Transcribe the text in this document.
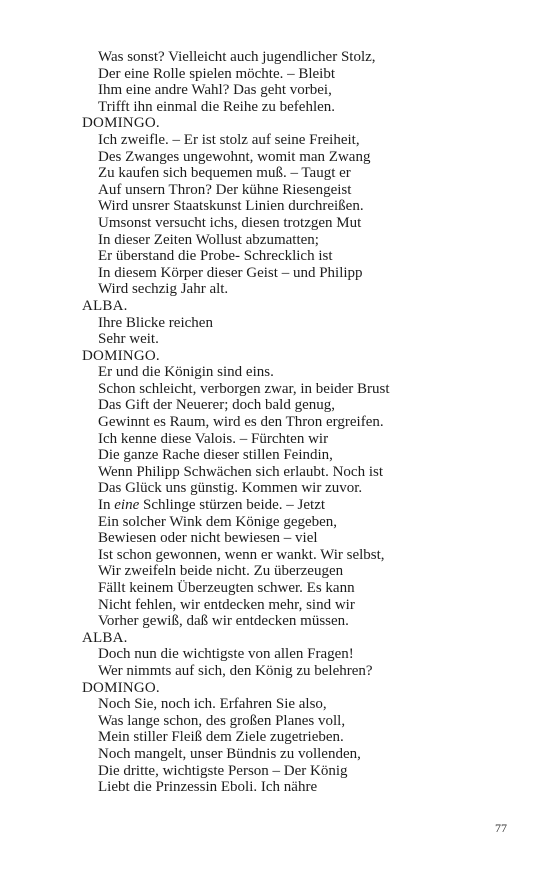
Was sonst? Vielleicht auch jugendlicher Stolz,
Der eine Rolle spielen möchte. – Bleibt
Ihm eine andre Wahl? Das geht vorbei,
Trifft ihn einmal die Reihe zu befehlen.
DOMINGO.
Ich zweifle. – Er ist stolz auf seine Freiheit,
Des Zwanges ungewohnt, womit man Zwang
Zu kaufen sich bequemen muß. – Taugt er
Auf unsern Thron? Der kühne Riesengeist
Wird unsrer Staatskunst Linien durchreißen.
Umsonst versucht ichs, diesen trotzgen Mut
In dieser Zeiten Wollust abzumatten;
Er überstand die Probe- Schrecklich ist
In diesem Körper dieser Geist – und Philipp
Wird sechzig Jahr alt.
ALBA.
Ihre Blicke reichen
Sehr weit.
DOMINGO.
Er und die Königin sind eins.
Schon schleicht, verborgen zwar, in beider Brust
Das Gift der Neuerer; doch bald genug,
Gewinnt es Raum, wird es den Thron ergreifen.
Ich kenne diese Valois. – Fürchten wir
Die ganze Rache dieser stillen Feindin,
Wenn Philipp Schwächen sich erlaubt. Noch ist
Das Glück uns günstig. Kommen wir zuvor.
In eine Schlinge stürzen beide. – Jetzt
Ein solcher Wink dem Könige gegeben,
Bewiesen oder nicht bewiesen – viel
Ist schon gewonnen, wenn er wankt. Wir selbst,
Wir zweifeln beide nicht. Zu überzeugen
Fällt keinem Überzeugten schwer. Es kann
Nicht fehlen, wir entdecken mehr, sind wir
Vorher gewiß, daß wir entdecken müssen.
ALBA.
Doch nun die wichtigste von allen Fragen!
Wer nimmts auf sich, den König zu belehren?
DOMINGO.
Noch Sie, noch ich. Erfahren Sie also,
Was lange schon, des großen Planes voll,
Mein stiller Fleiß dem Ziele zugetrieben.
Noch mangelt, unser Bündnis zu vollenden,
Die dritte, wichtigste Person – Der König
Liebt die Prinzessin Eboli. Ich nähre
77
